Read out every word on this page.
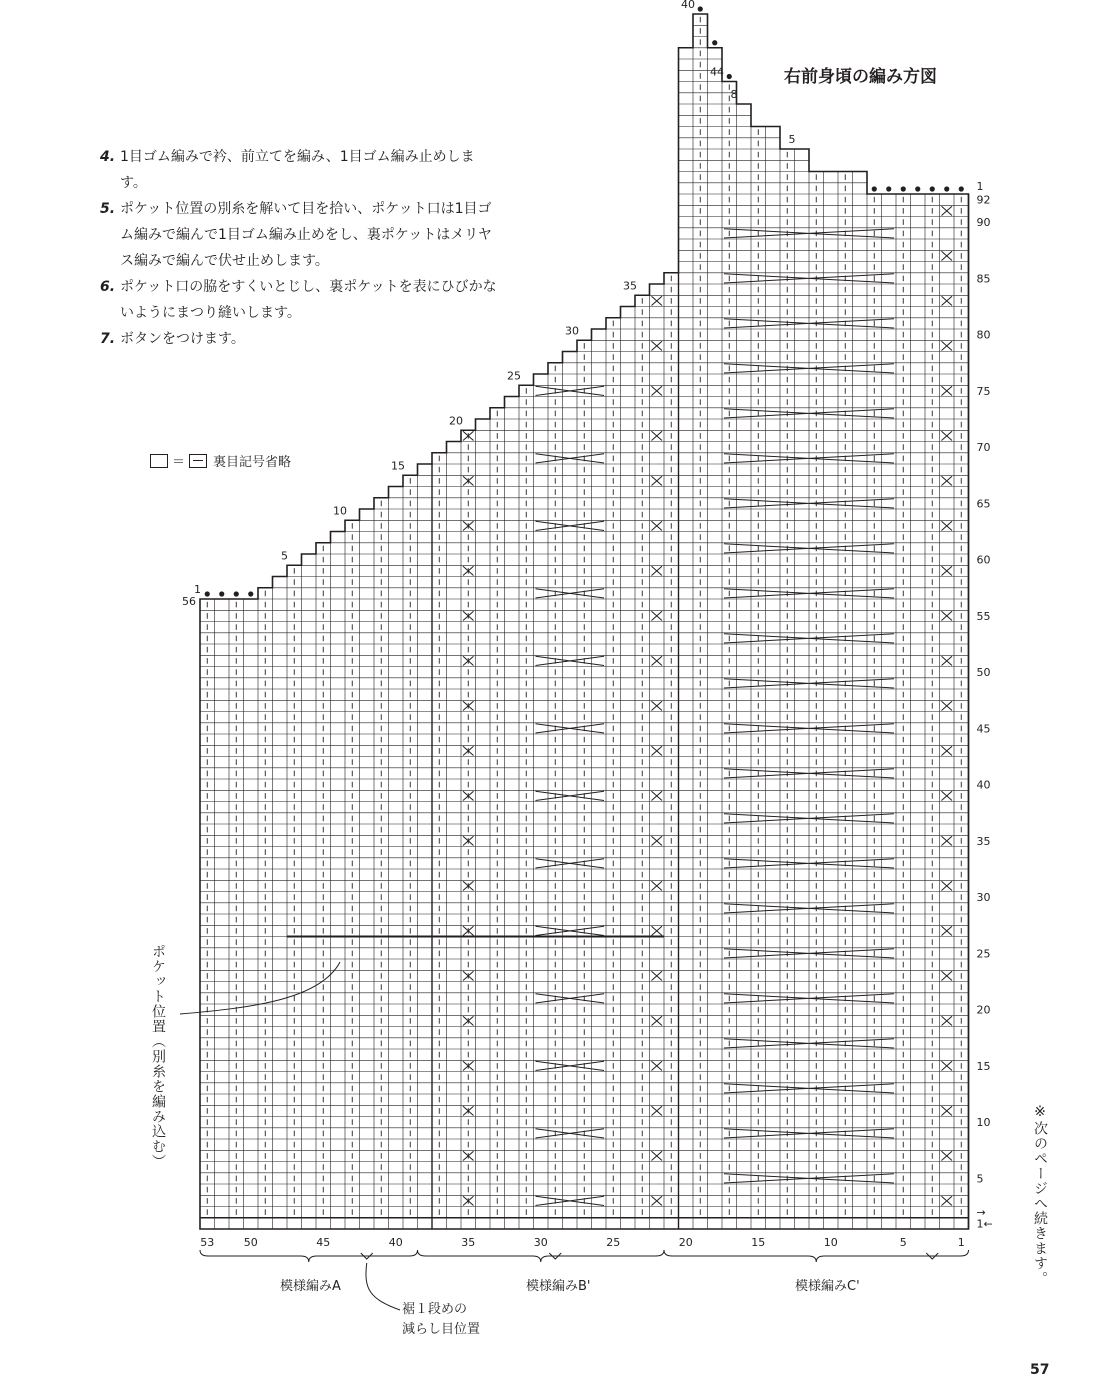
右前身頃の編み方図
4. 1目ゴム編みで衿、前立てを編み、1目ゴム編み止めします。
5. ポケット位置の別糸を解いて目を拾い、ポケット口は1目ゴム編みで編んで1目ゴム編み止めをし、裏ポケットはメリヤス編みで編んで伏せ止めします。
6. ポケット口の脇をすくいとじし、裏ポケットを表にひびかないようにまつり縫いします。
7. ボタンをつけます。
＝ 裏目記号省略
1
92
90
85
80
75
70
65
60
55
50
45
40
35
30
25
20
15
10
5
→
1←
1
56
5
10
15
20
25
30
35
40
44
8
5
53	50	45	40	35	30	25	20	15	10	5	1
ポケット位置（別糸を編み込む）
※次のページへ続きます。
57
模様編みA	模様編みB'	模様編みC'
裾１段めの
減らし目位置
